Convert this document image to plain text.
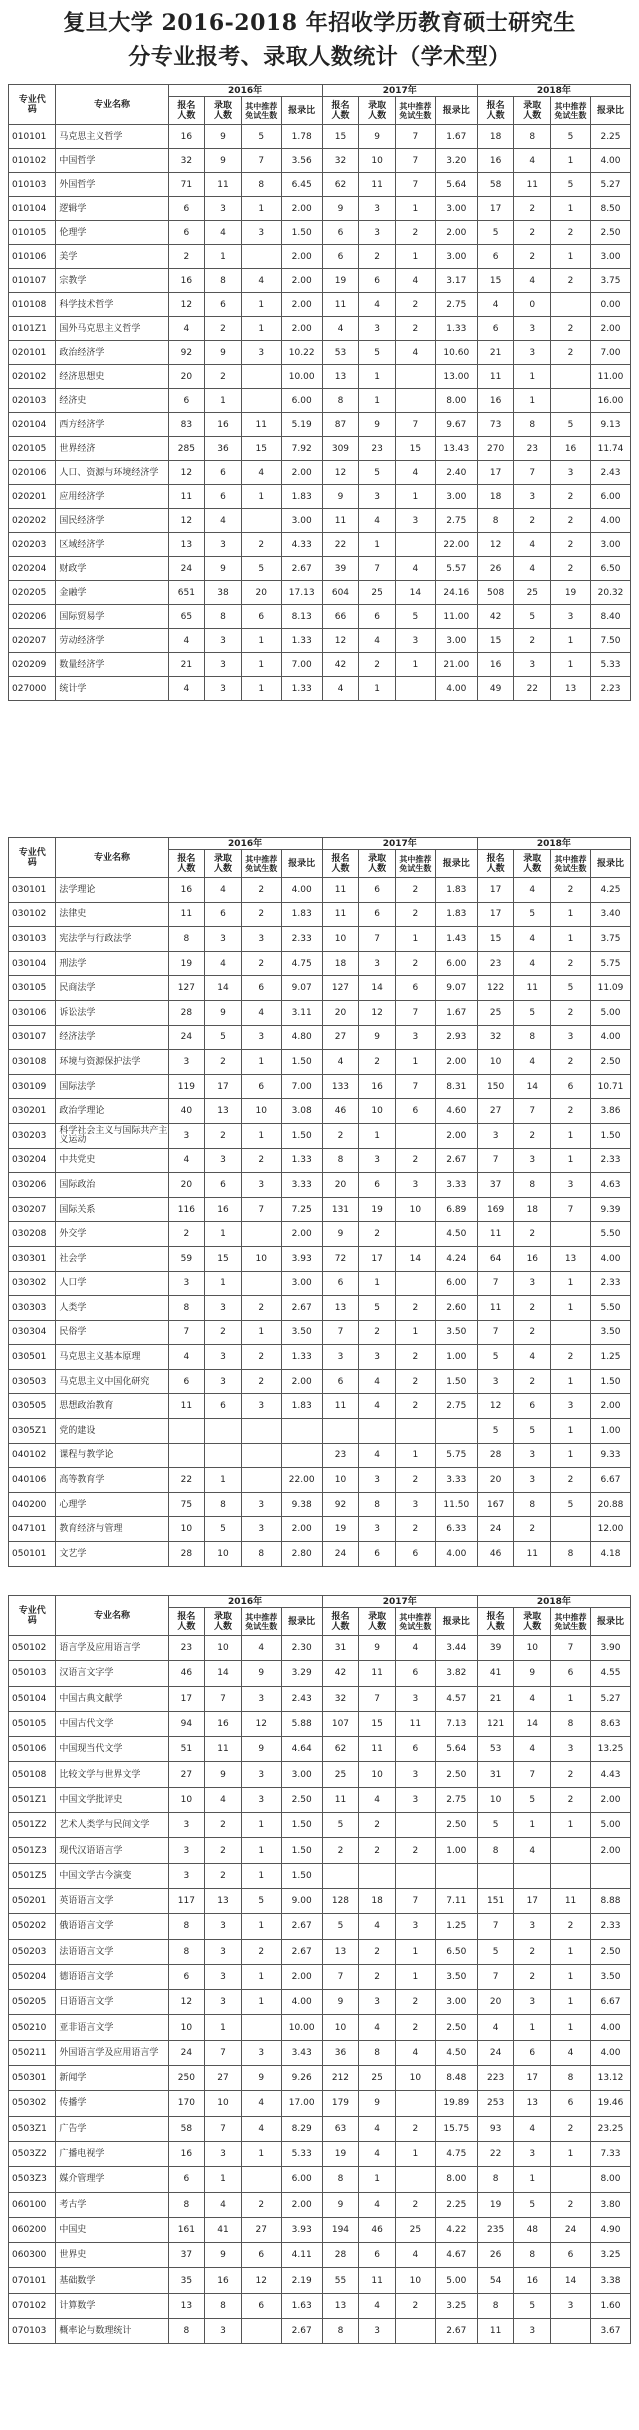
复旦大学 2016-2018 年招收学历教育硕士研究生
分专业报考、录取人数统计（学术型）
专业代码	专业名称	2016年				2017年				2018年			
		报名人数	录取人数	其中推荐免试生数	报录比	报名人数	录取人数	其中推荐免试生数	报录比	报名人数	录取人数	其中推荐免试生数	报录比
010101	马克思主义哲学	16	9	5	1.78	15	9	7	1.67	18	8	5	2.25
010102	中国哲学	32	9	7	3.56	32	10	7	3.20	16	4	1	4.00
010103	外国哲学	71	11	8	6.45	62	11	7	5.64	58	11	5	5.27
010104	逻辑学	6	3	1	2.00	9	3	1	3.00	17	2	1	8.50
010105	伦理学	6	4	3	1.50	6	3	2	2.00	5	2	2	2.50
010106	美学	2	1		2.00	6	2	1	3.00	6	2	1	3.00
010107	宗教学	16	8	4	2.00	19	6	4	3.17	15	4	2	3.75
010108	科学技术哲学	12	6	1	2.00	11	4	2	2.75	4	0		0.00
0101Z1	国外马克思主义哲学	4	2	1	2.00	4	3	2	1.33	6	3	2	2.00
020101	政治经济学	92	9	3	10.22	53	5	4	10.60	21	3	2	7.00
020102	经济思想史	20	2		10.00	13	1		13.00	11	1		11.00
020103	经济史	6	1		6.00	8	1		8.00	16	1		16.00
020104	西方经济学	83	16	11	5.19	87	9	7	9.67	73	8	5	9.13
020105	世界经济	285	36	15	7.92	309	23	15	13.43	270	23	16	11.74
020106	人口、资源与环境经济学	12	6	4	2.00	12	5	4	2.40	17	7	3	2.43
020201	应用经济学	11	6	1	1.83	9	3	1	3.00	18	3	2	6.00
020202	国民经济学	12	4		3.00	11	4	3	2.75	8	2	2	4.00
020203	区域经济学	13	3	2	4.33	22	1		22.00	12	4	2	3.00
020204	财政学	24	9	5	2.67	39	7	4	5.57	26	4	2	6.50
020205	金融学	651	38	20	17.13	604	25	14	24.16	508	25	19	20.32
020206	国际贸易学	65	8	6	8.13	66	6	5	11.00	42	5	3	8.40
020207	劳动经济学	4	3	1	1.33	12	4	3	3.00	15	2	1	7.50
020209	数量经济学	21	3	1	7.00	42	2	1	21.00	16	3	1	5.33
027000	统计学	4	3	1	1.33	4	1		4.00	49	22	13	2.23
专业代码	专业名称	2016年				2017年				2018年			
		报名人数	录取人数	其中推荐免试生数	报录比	报名人数	录取人数	其中推荐免试生数	报录比	报名人数	录取人数	其中推荐免试生数	报录比
030101	法学理论	16	4	2	4.00	11	6	2	1.83	17	4	2	4.25
030102	法律史	11	6	2	1.83	11	6	2	1.83	17	5	1	3.40
030103	宪法学与行政法学	8	3	3	2.33	10	7	1	1.43	15	4	1	3.75
030104	刑法学	19	4	2	4.75	18	3	2	6.00	23	4	2	5.75
030105	民商法学	127	14	6	9.07	127	14	6	9.07	122	11	5	11.09
030106	诉讼法学	28	9	4	3.11	20	12	7	1.67	25	5	2	5.00
030107	经济法学	24	5	3	4.80	27	9	3	2.93	32	8	3	4.00
030108	环境与资源保护法学	3	2	1	1.50	4	2	1	2.00	10	4	2	2.50
030109	国际法学	119	17	6	7.00	133	16	7	8.31	150	14	6	10.71
030201	政治学理论	40	13	10	3.08	46	10	6	4.60	27	7	2	3.86
030203	科学社会主义与国际共产主义运动	3	2	1	1.50	2	1		2.00	3	2	1	1.50
030204	中共党史	4	3	2	1.33	8	3	2	2.67	7	3	1	2.33
030206	国际政治	20	6	3	3.33	20	6	3	3.33	37	8	3	4.63
030207	国际关系	116	16	7	7.25	131	19	10	6.89	169	18	7	9.39
030208	外交学	2	1		2.00	9	2		4.50	11	2		5.50
030301	社会学	59	15	10	3.93	72	17	14	4.24	64	16	13	4.00
030302	人口学	3	1		3.00	6	1		6.00	7	3	1	2.33
030303	人类学	8	3	2	2.67	13	5	2	2.60	11	2	1	5.50
030304	民俗学	7	2	1	3.50	7	2	1	3.50	7	2		3.50
030501	马克思主义基本原理	4	3	2	1.33	3	3	2	1.00	5	4	2	1.25
030503	马克思主义中国化研究	6	3	2	2.00	6	4	2	1.50	3	2	1	1.50
030505	思想政治教育	11	6	3	1.83	11	4	2	2.75	12	6	3	2.00
0305Z1	党的建设									5	5	1	1.00
040102	课程与教学论					23	4	1	5.75	28	3	1	9.33
040106	高等教育学	22	1		22.00	10	3	2	3.33	20	3	2	6.67
040200	心理学	75	8	3	9.38	92	8	3	11.50	167	8	5	20.88
047101	教育经济与管理	10	5	3	2.00	19	3	2	6.33	24	2		12.00
050101	文艺学	28	10	8	2.80	24	6	6	4.00	46	11	8	4.18
专业代码	专业名称	2016年				2017年				2018年			
		报名人数	录取人数	其中推荐免试生数	报录比	报名人数	录取人数	其中推荐免试生数	报录比	报名人数	录取人数	其中推荐免试生数	报录比
050102	语言学及应用语言学	23	10	4	2.30	31	9	4	3.44	39	10	7	3.90
050103	汉语言文字学	46	14	9	3.29	42	11	6	3.82	41	9	6	4.55
050104	中国古典文献学	17	7	3	2.43	32	7	3	4.57	21	4	1	5.27
050105	中国古代文学	94	16	12	5.88	107	15	11	7.13	121	14	8	8.63
050106	中国现当代文学	51	11	9	4.64	62	11	6	5.64	53	4	3	13.25
050108	比较文学与世界文学	27	9	3	3.00	25	10	3	2.50	31	7	2	4.43
0501Z1	中国文学批评史	10	4	3	2.50	11	4	3	2.75	10	5	2	2.00
0501Z2	艺术人类学与民间文学	3	2	1	1.50	5	2		2.50	5	1	1	5.00
0501Z3	现代汉语语言学	3	2	1	1.50	2	2	2	1.00	8	4		2.00
0501Z5	中国文学古今演变	3	2	1	1.50								
050201	英语语言文学	117	13	5	9.00	128	18	7	7.11	151	17	11	8.88
050202	俄语语言文学	8	3	1	2.67	5	4	3	1.25	7	3	2	2.33
050203	法语语言文学	8	3	2	2.67	13	2	1	6.50	5	2	1	2.50
050204	德语语言文学	6	3	1	2.00	7	2	1	3.50	7	2	1	3.50
050205	日语语言文学	12	3	1	4.00	9	3	2	3.00	20	3	1	6.67
050210	亚非语言文学	10	1		10.00	10	4	2	2.50	4	1	1	4.00
050211	外国语言学及应用语言学	24	7	3	3.43	36	8	4	4.50	24	6	4	4.00
050301	新闻学	250	27	9	9.26	212	25	10	8.48	223	17	8	13.12
050302	传播学	170	10	4	17.00	179	9		19.89	253	13	6	19.46
0503Z1	广告学	58	7	4	8.29	63	4	2	15.75	93	4	2	23.25
0503Z2	广播电视学	16	3	1	5.33	19	4	1	4.75	22	3	1	7.33
0503Z3	媒介管理学	6	1		6.00	8	1		8.00	8	1		8.00
060100	考古学	8	4	2	2.00	9	4	2	2.25	19	5	2	3.80
060200	中国史	161	41	27	3.93	194	46	25	4.22	235	48	24	4.90
060300	世界史	37	9	6	4.11	28	6	4	4.67	26	8	6	3.25
070101	基础数学	35	16	12	2.19	55	11	10	5.00	54	16	14	3.38
070102	计算数学	13	8	6	1.63	13	4	2	3.25	8	5	3	1.60
070103	概率论与数理统计	8	3		2.67	8	3		2.67	11	3		3.67
